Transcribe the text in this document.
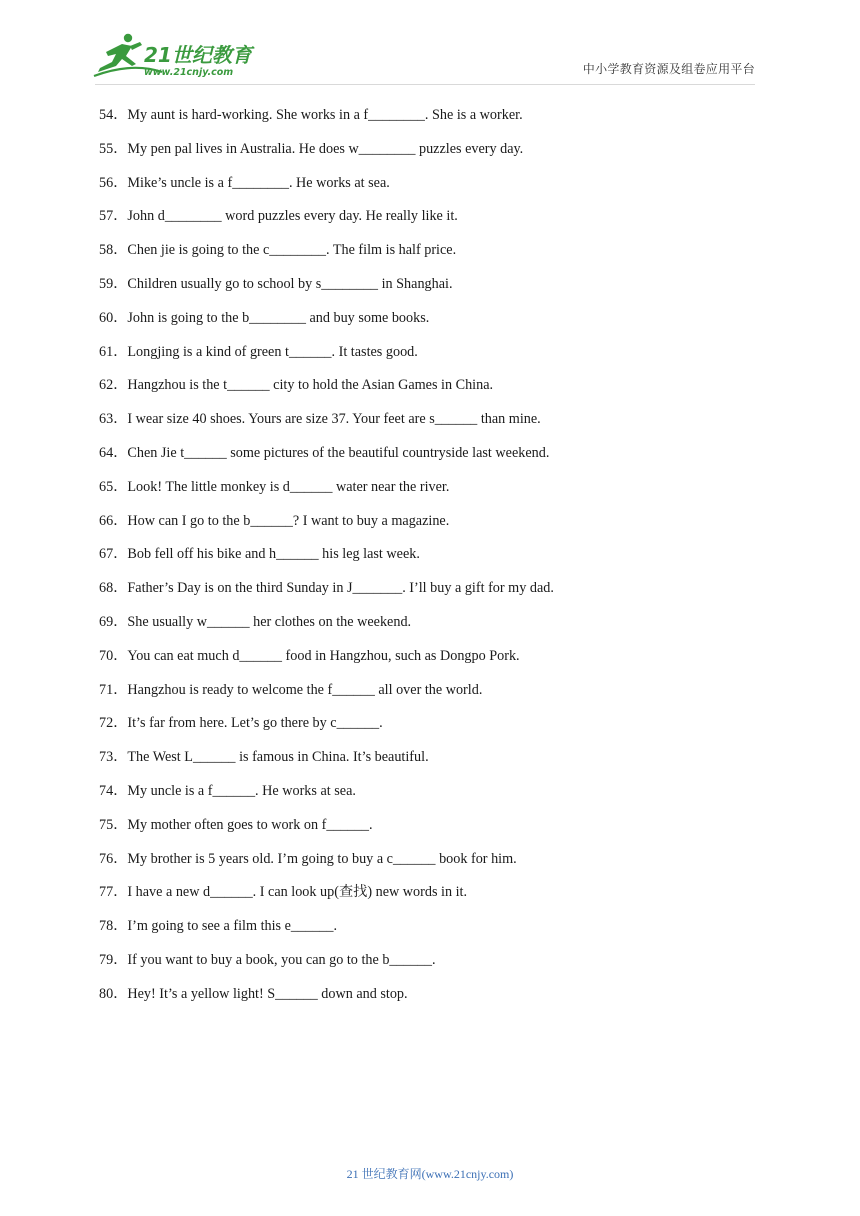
21世纪教育
www.21cnjy.com	中小学教育资源及组卷应用平台
54．My aunt is hard-working. She works in a f________. She is a worker.
55．My pen pal lives in Australia. He does w________ puzzles every day.
56．Mike’s uncle is a f________. He works at sea.
57．John d________ word puzzles every day. He really like it.
58．Chen jie is going to the c________. The film is half price.
59．Children usually go to school by s________ in Shanghai.
60．John is going to the b________ and buy some books.
61．Longjing is a kind of green t______. It tastes good.
62．Hangzhou is the t______ city to hold the Asian Games in China.
63．I wear size 40 shoes. Yours are size 37. Your feet are s______ than mine.
64．Chen Jie t______ some pictures of the beautiful countryside last weekend.
65．Look! The little monkey is d______ water near the river.
66．How can I go to the b______? I want to buy a magazine.
67．Bob fell off his bike and h______ his leg last week.
68．Father’s Day is on the third Sunday in J_______. I’ll buy a gift for my dad.
69．She usually w______ her clothes on the weekend.
70．You can eat much d______ food in Hangzhou, such as Dongpo Pork.
71．Hangzhou is ready to welcome the f______ all over the world.
72．It’s far from here. Let’s go there by c______.
73．The West L______ is famous in China. It’s beautiful.
74．My uncle is a f______. He works at sea.
75．My mother often goes to work on f______.
76．My brother is 5 years old. I’m going to buy a c______ book for him.
77．I have a new d______. I can look up(查找) new words in it.
78．I’m going to see a film this e______.
79．If you want to buy a book, you can go to the b______.
80．Hey! It’s a yellow light! S______ down and stop.
21 世纪教育网(www.21cnjy.com)
